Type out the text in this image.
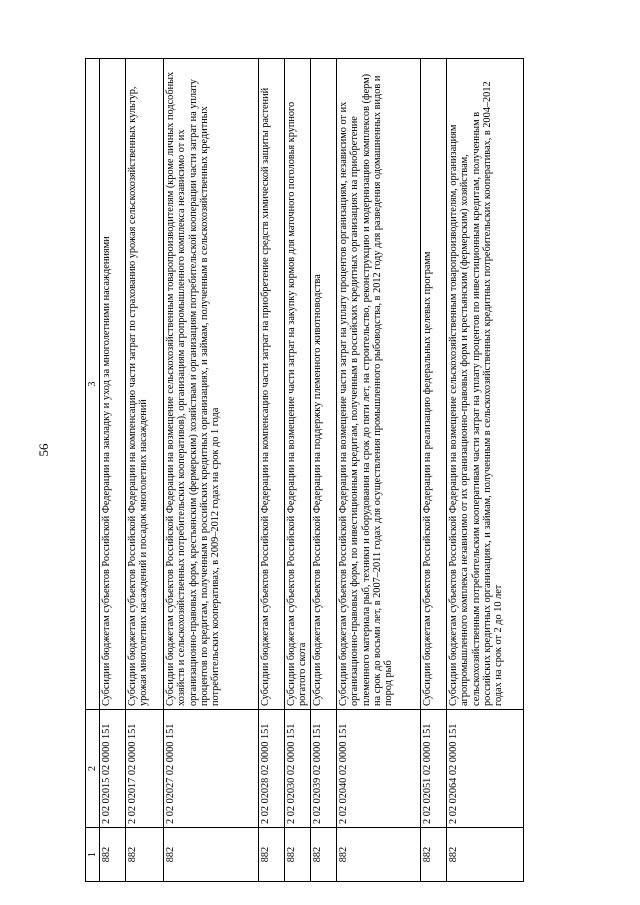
56
1	2	3
882	2 02 02015 02 0000 151	Субсидии бюджетам субъектов Российской Федерации на закладку и уход за многолетними насаждениями
882	2 02 02017 02 0000 151	Субсидии бюджетам субъектов Российской Федерации на компенсацию части затрат по страхованию урожая сельскохозяйственных культур, урожая многолетних насаждений и посадок многолетних насаждений
882	2 02 02027 02 0000 151	Субсидии бюджетам субъектов Российской Федерации на возмещение сельскохозяйственным товаропроизводителям (кроме личных подсобных хозяйств и сельскохозяйственных потребительских кооперативов), организациям агропромышленного комплекса независимо от их организационно-правовых форм, крестьянским (фермерским) хозяйствам и организациям потребительской кооперации части затрат на уплату процентов по кредитам, полученным в российских кредитных организациях, и займам, полученным в сельскохозяйственных кредитных потребительских кооперативах, в 2009–2012 годах на срок до 1 года
882	2 02 02028 02 0000 151	Субсидии бюджетам субъектов Российской Федерации на компенсацию части затрат на приобретение средств химической защиты растений
882	2 02 02030 02 0000 151	Субсидии бюджетам субъектов Российской Федерации на возмещение части затрат на закупку кормов для маточного поголовья крупного рогатого скота
882	2 02 02039 02 0000 151	Субсидии бюджетам субъектов Российской Федерации на поддержку племенного животноводства
882	2 02 02040 02 0000 151	Субсидии бюджетам субъектов Российской Федерации на возмещение части затрат на уплату процентов организациям, независимо от их организационно-правовых форм, по инвестиционным кредитам, полученным в российских кредитных организациях на приобретение племенного материала рыб, техники и оборудования на срок до пяти лет, на строительство, реконструкцию и модернизацию комплексов (ферм) на срок до восьми лет, в 2007–2011 годах для осуществления промышленного рыбоводства, в 2012 году для разведения одомашненных видов и пород рыб
882	2 02 02051 02 0000 151	Субсидии бюджетам субъектов Российской Федерации на реализацию федеральных целевых программ
882	2 02 02064 02 0000 151	Субсидии бюджетам субъектов Российской Федерации на возмещение сельскохозяйственным товаропроизводителям, организациям агропромышленного комплекса независимо от их организационно-правовых форм и крестьянским (фермерским) хозяйствам, сельскохозяйственным потребительским кооперативам части затрат на уплату процентов по инвестиционным кредитам, полученным в российских кредитных организациях, и займам, полученным в сельскохозяйственных кредитных потребительских кооперативах, в 2004–2012 годах на срок от 2 до 10 лет
